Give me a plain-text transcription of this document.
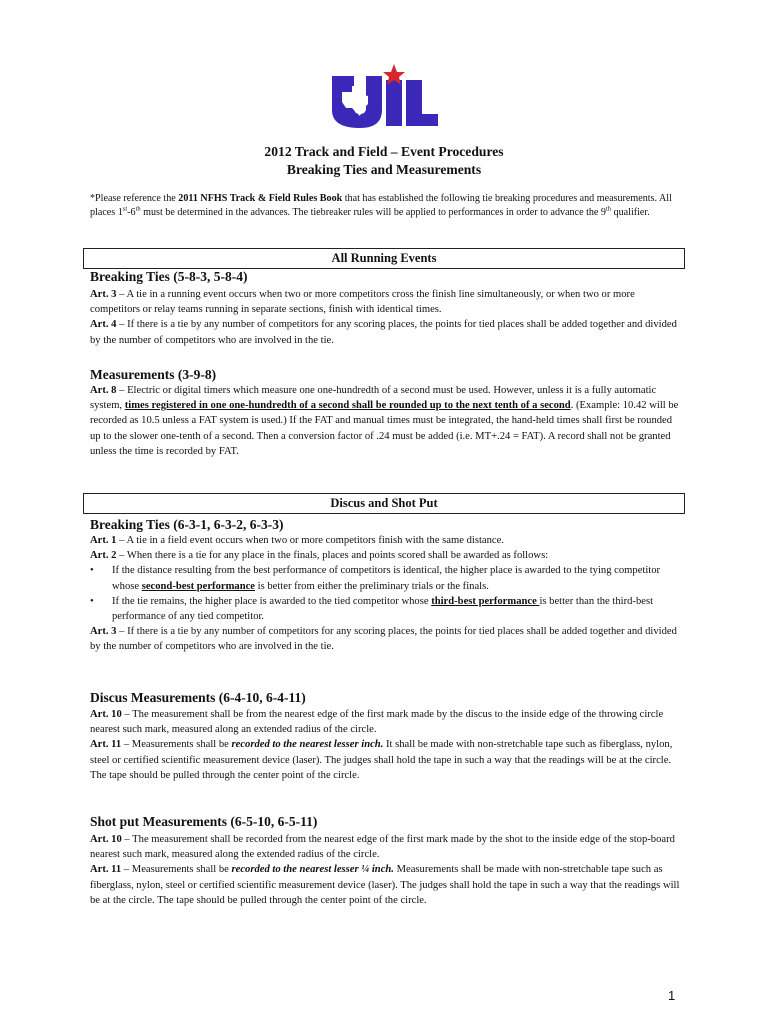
2012 Track and Field – Event Procedures
Breaking Ties and Measurements
*Please reference the 2011 NFHS Track & Field Rules Book that has established the following tie breaking procedures and measurements. All places 1st-6th must be determined in the advances. The tiebreaker rules will be applied to performances in order to advance the 9th qualifier.
All Running Events
Breaking Ties (5-8-3, 5-8-4)
Art. 3 – A tie in a running event occurs when two or more competitors cross the finish line simultaneously, or when two or more competitors or relay teams running in separate sections, finish with identical times.
Art. 4 – If there is a tie by any number of competitors for any scoring places, the points for tied places shall be added together and divided by the number of competitors who are involved in the tie.
Measurements (3-9-8)
Art. 8 – Electric or digital timers which measure one one-hundredth of a second must be used. However, unless it is a fully automatic system, times registered in one one-hundredth of a second shall be rounded up to the next tenth of a second. (Example: 10.42 will be recorded as 10.5 unless a FAT system is used.) If the FAT and manual times must be integrated, the hand-held times shall first be rounded up to the slower one-tenth of a second. Then a conversion factor of .24 must be added (i.e. MT+.24 = FAT). A record shall not be granted unless the time is recorded by FAT.
Discus and Shot Put
Breaking Ties (6-3-1, 6-3-2, 6-3-3)
Art. 1 – A tie in a field event occurs when two or more competitors finish with the same distance.
Art. 2 – When there is a tie for any place in the finals, places and points scored shall be awarded as follows:
• If the distance resulting from the best performance of competitors is identical, the higher place is awarded to the tying competitor whose second-best performance is better from either the preliminary trials or the finals.
• If the tie remains, the higher place is awarded to the tied competitor whose third-best performance is better than the third-best performance of any tied competitor.
Art. 3 – If there is a tie by any number of competitors for any scoring places, the points for tied places shall be added together and divided by the number of competitors who are involved in the tie.
Discus Measurements (6-4-10, 6-4-11)
Art. 10 – The measurement shall be from the nearest edge of the first mark made by the discus to the inside edge of the throwing circle nearest such mark, measured along an extended radius of the circle.
Art. 11 – Measurements shall be recorded to the nearest lesser inch. It shall be made with non-stretchable tape such as fiberglass, nylon, steel or certified scientific measurement device (laser). The judges shall hold the tape in such a way that the readings will be at the circle. The tape should be pulled through the center point of the circle.
Shot put Measurements (6-5-10, 6-5-11)
Art. 10 – The measurement shall be recorded from the nearest edge of the first mark made by the shot to the inside edge of the stop-board nearest such mark, measured along the extended radius of the circle.
Art. 11 – Measurements shall be recorded to the nearest lesser ¼ inch. Measurements shall be made with non-stretchable tape such as fiberglass, nylon, steel or certified scientific measurement device (laser). The judges shall hold the tape in such a way that the readings will be at the circle. The tape should be pulled through the center point of the circle.
1
